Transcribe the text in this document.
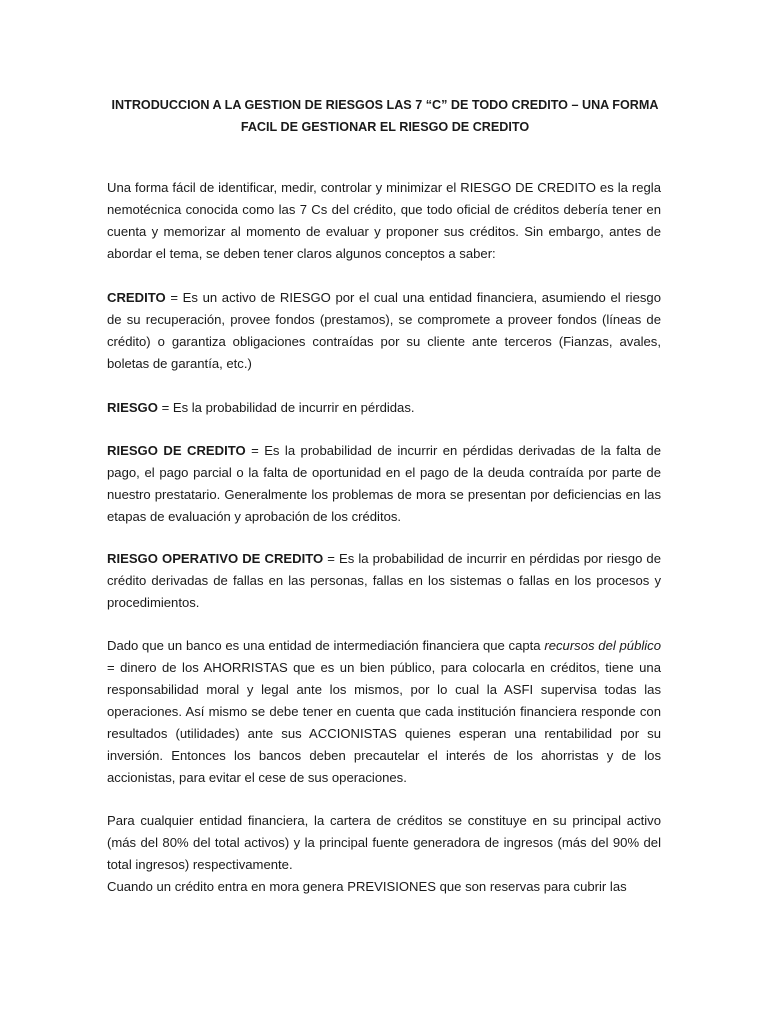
INTRODUCCION A LA GESTION DE RIESGOS LAS 7 “C” DE TODO CREDITO – UNA FORMA FACIL DE GESTIONAR EL RIESGO DE CREDITO

Una forma fácil de identificar, medir, controlar y minimizar el RIESGO DE CREDITO es la regla nemotécnica conocida como las 7 Cs del crédito, que todo oficial de créditos debería tener en cuenta y memorizar al momento de evaluar y proponer sus créditos. Sin embargo, antes de abordar el tema, se deben tener claros algunos conceptos a saber:

CREDITO = Es un activo de RIESGO por el cual una entidad financiera, asumiendo el riesgo de su recuperación, provee fondos (prestamos), se compromete a proveer fondos (líneas de crédito) o garantiza obligaciones contraídas por su cliente ante terceros (Fianzas, avales, boletas de garantía, etc.)

RIESGO = Es la probabilidad de incurrir en pérdidas.

RIESGO DE CREDITO = Es la probabilidad de incurrir en pérdidas derivadas de la falta de pago, el pago parcial o la falta de oportunidad en el pago de la deuda contraída por parte de nuestro prestatario. Generalmente los problemas de mora se presentan por deficiencias en las etapas de evaluación y aprobación de los créditos.

RIESGO OPERATIVO DE CREDITO = Es la probabilidad de incurrir en pérdidas por riesgo de crédito derivadas de fallas en las personas, fallas en los sistemas o fallas en los procesos y procedimientos.

Dado que un banco es una entidad de intermediación financiera que capta recursos del público = dinero de los AHORRISTAS que es un bien público, para colocarla en créditos, tiene una responsabilidad moral y legal ante los mismos, por lo cual la ASFI supervisa todas las operaciones. Así mismo se debe tener en cuenta que cada institución financiera responde con resultados (utilidades) ante sus ACCIONISTAS quienes esperan una rentabilidad por su inversión. Entonces los bancos deben precautelar el interés de los ahorristas y de los accionistas, para evitar el cese de sus operaciones.

Para cualquier entidad financiera, la cartera de créditos se constituye en su principal activo (más del 80% del total activos) y la principal fuente generadora de ingresos (más del 90% del total ingresos) respectivamente.

Cuando un crédito entra en mora genera PREVISIONES que son reservas para cubrir las
